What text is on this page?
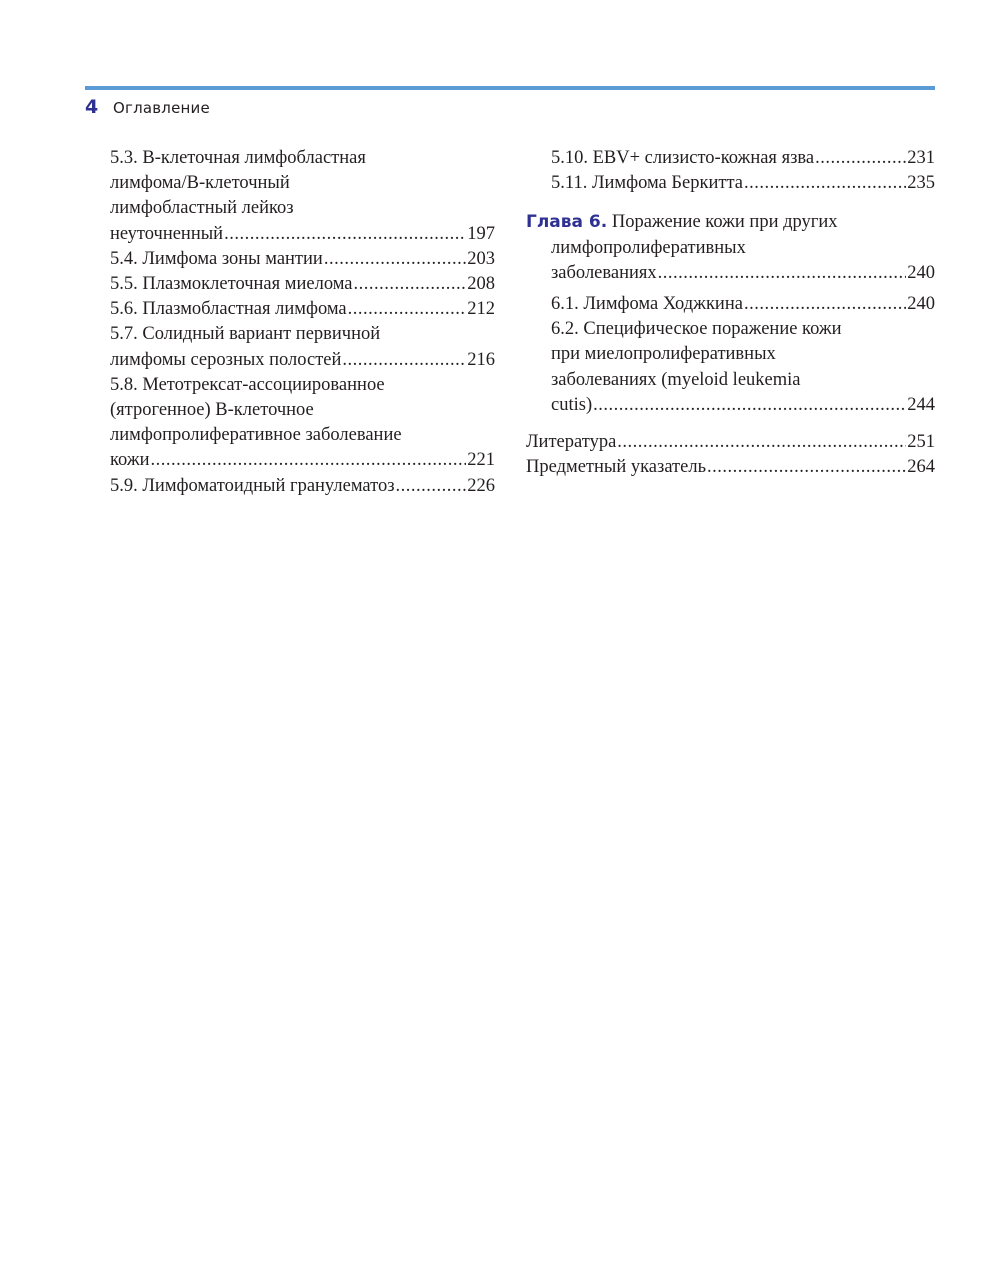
4 Оглавление
5.3. В-клеточная лимфобластная
лимфома/В-клеточный
лимфобластный лейкоз
неуточненный .....	197
5.4. Лимфома зоны мантии .....	203
5.5. Плазмоклеточная миелома .....	208
5.6. Плазмобластная лимфома .....	212
5.7. Солидный вариант первичной
лимфомы серозных полостей .....	216
5.8. Метотрексат-ассоциированное
(ятрогенное) В-клеточное
лимфопролиферативное заболевание
кожи .....	221
5.9. Лимфоматоидный гранулематоз .....	226
5.10. EBV+ слизисто-кожная язва .....	231
5.11. Лимфома Беркитта .....	235
Глава 6. Поражение кожи при других
лимфопролиферативных
заболеваниях .....	240
6.1. Лимфома Ходжкина .....	240
6.2. Специфическое поражение кожи
при миелопролиферативных
заболеваниях (myeloid leukemia
cutis) .....	244
Литература .....	251
Предметный указатель .....	264
